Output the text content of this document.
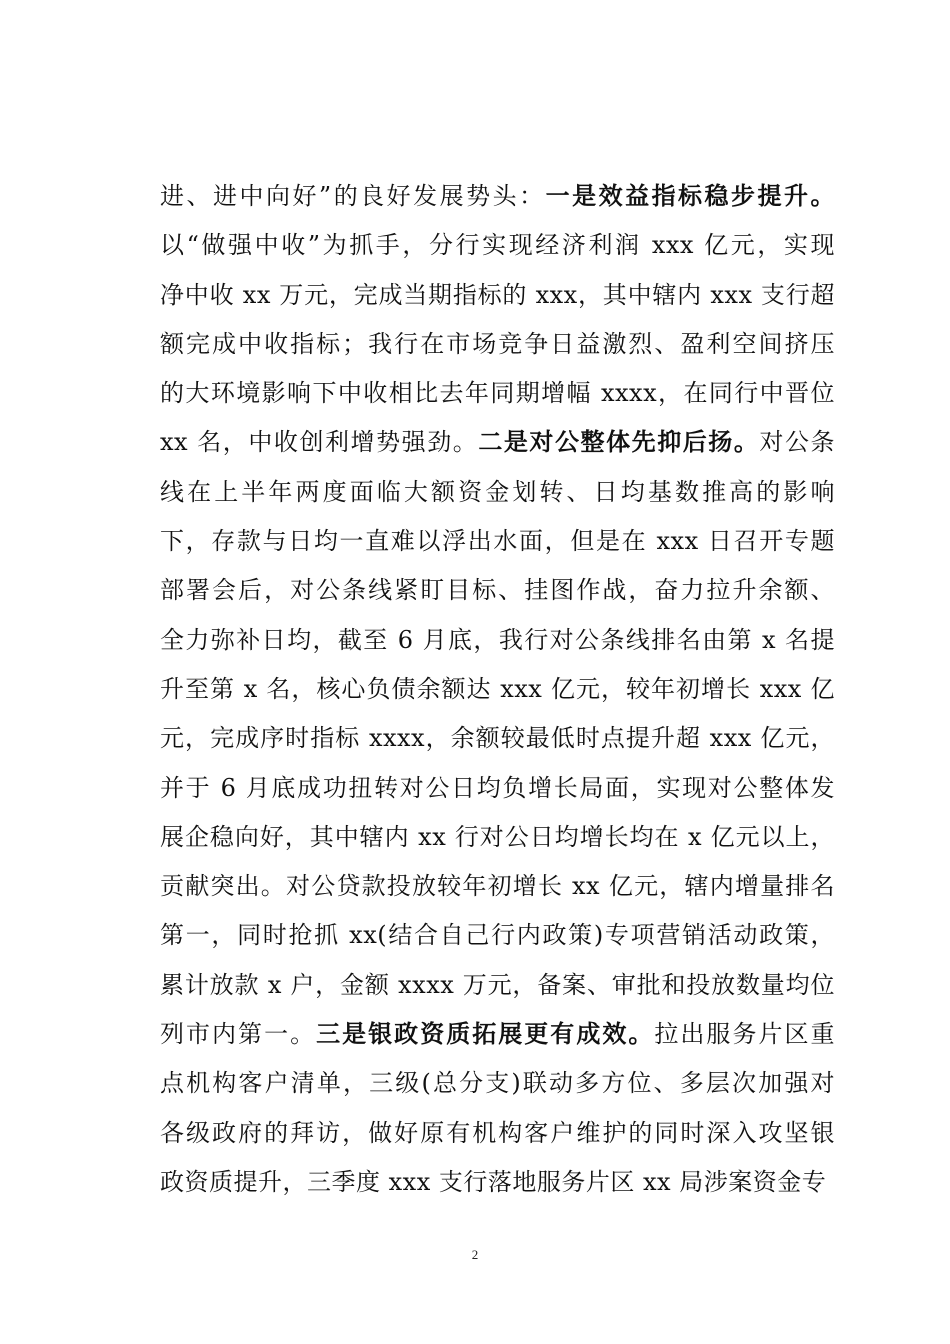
进、进中向好”的良好发展势头：一是效益指标稳步提升。
以“做强中收”为抓手，分行实现经济利润 xxx 亿元，实现
净中收 xx 万元，完成当期指标的 xxx，其中辖内 xxx 支行超
额完成中收指标；我行在市场竞争日益激烈、盈利空间挤压
的大环境影响下中收相比去年同期增幅 xxxx，在同行中晋位
xx 名，中收创利增势强劲。二是对公整体先抑后扬。对公条
线在上半年两度面临大额资金划转、日均基数推高的影响
下，存款与日均一直难以浮出水面，但是在 xxx 日召开专题
部署会后，对公条线紧盯目标、挂图作战，奋力拉升余额、
全力弥补日均，截至 6 月底，我行对公条线排名由第 x 名提
升至第 x 名，核心负债余额达 xxx 亿元，较年初增长 xxx 亿
元，完成序时指标 xxxx，余额较最低时点提升超 xxx 亿元，
并于 6 月底成功扭转对公日均负增长局面，实现对公整体发
展企稳向好，其中辖内 xx 行对公日均增长均在 x 亿元以上，
贡献突出。对公贷款投放较年初增长 xx 亿元，辖内增量排名
第一，同时抢抓 xx(结合自己行内政策)专项营销活动政策，
累计放款 x 户，金额 xxxx 万元，备案、审批和投放数量均位
列市内第一。三是银政资质拓展更有成效。拉出服务片区重
点机构客户清单，三级(总分支)联动多方位、多层次加强对
各级政府的拜访，做好原有机构客户维护的同时深入攻坚银
政资质提升，三季度 xxx 支行落地服务片区 xx 局涉案资金专
2
